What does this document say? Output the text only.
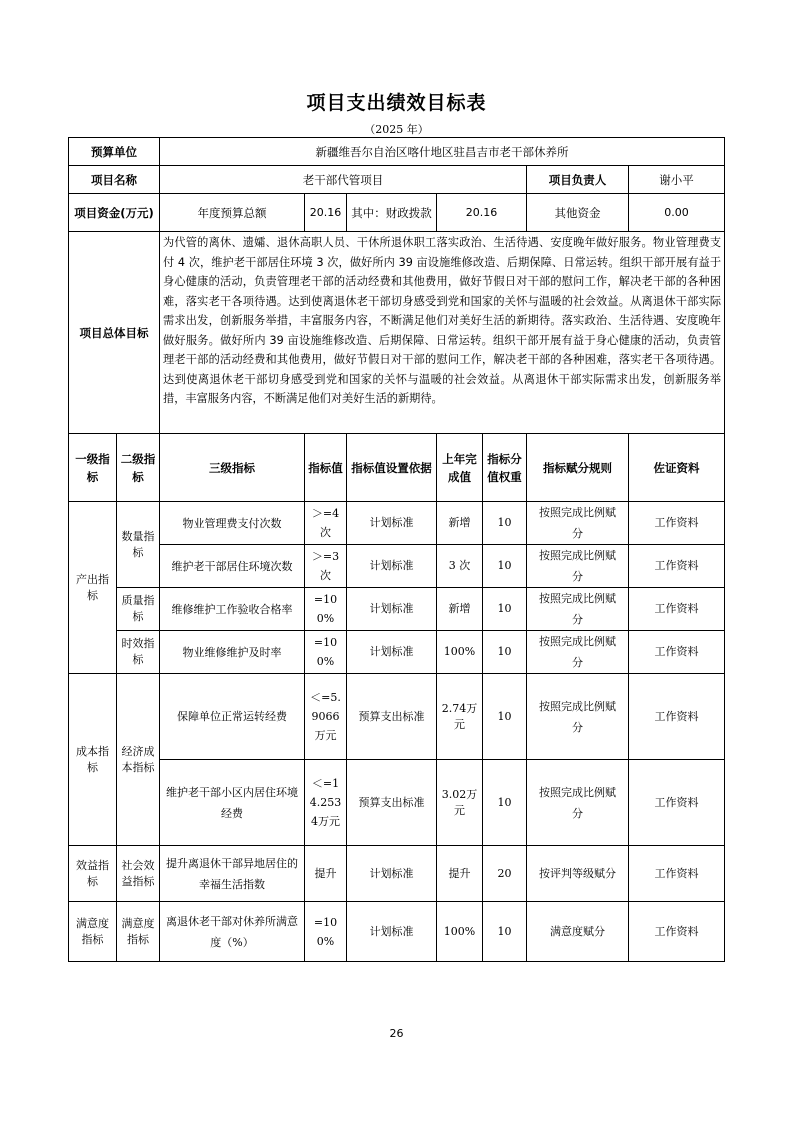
项目支出绩效目标表
（2025 年）
预算单位		新疆维吾尔自治区喀什地区驻昌吉市老干部休养所						
项目名称		老干部代管项目					项目负责人	谢小平
项目资金(万元)		年度预算总额	20.16	其中：财政拨款	20.16		其他资金	0.00
项目总体目标		为代管的离休、遗孀、退休高职人员、干休所退休职工落实政治、生活待遇、安度晚年做好服务。物业管理费支付 4 次，维护老干部居住环境 3 次，做好所内 39 亩设施维修改造、后期保障、日常运转。组织干部开展有益于身心健康的活动，负责管理老干部的活动经费和其他费用，做好节假日对干部的慰问工作，解决老干部的各种困难，落实老干各项待遇。达到使离退休老干部切身感受到党和国家的关怀与温暖的社会效益。从离退休干部实际需求出发，创新服务举措，丰富服务内容，不断满足他们对美好生活的新期待。落实政治、生活待遇、安度晚年做好服务。做好所内 39 亩设施维修改造、后期保障、日常运转。组织干部开展有益于身心健康的活动，负责管理老干部的活动经费和其他费用，做好节假日对干部的慰问工作，解决老干部的各种困难，落实老干各项待遇。达到使离退休老干部切身感受到党和国家的关怀与温暖的社会效益。从离退休干部实际需求出发，创新服务举措，丰富服务内容，不断满足他们对美好生活的新期待。						
一级指标	二级指标	三级指标	指标值	指标值设置依据	上年完成值	指标分值权重	指标赋分规则	佐证资料
产出指标	数量指标	物业管理费支付次数	＞=4次	计划标准	新增	10	按照完成比例赋分	工作资料
		维护老干部居住环境次数	＞=3次	计划标准	3 次	10	按照完成比例赋分	工作资料
	质量指标	维修维护工作验收合格率	=100%	计划标准	新增	10	按照完成比例赋分	工作资料
	时效指标	物业维修维护及时率	=100%	计划标准	100%	10	按照完成比例赋分	工作资料
成本指标	经济成本指标	保障单位正常运转经费	＜=5.9066万元	预算支出标准	2.74万元	10	按照完成比例赋分	工作资料
		维护老干部小区内居住环境经费	＜=14.2534万元	预算支出标准	3.02万元	10	按照完成比例赋分	工作资料
效益指标	社会效益指标	提升离退休干部异地居住的幸福生活指数	提升	计划标准	提升	20	按评判等级赋分	工作资料
满意度指标	满意度指标	离退休老干部对休养所满意度（%）	=100%	计划标准	100%	10	满意度赋分	工作资料
26
